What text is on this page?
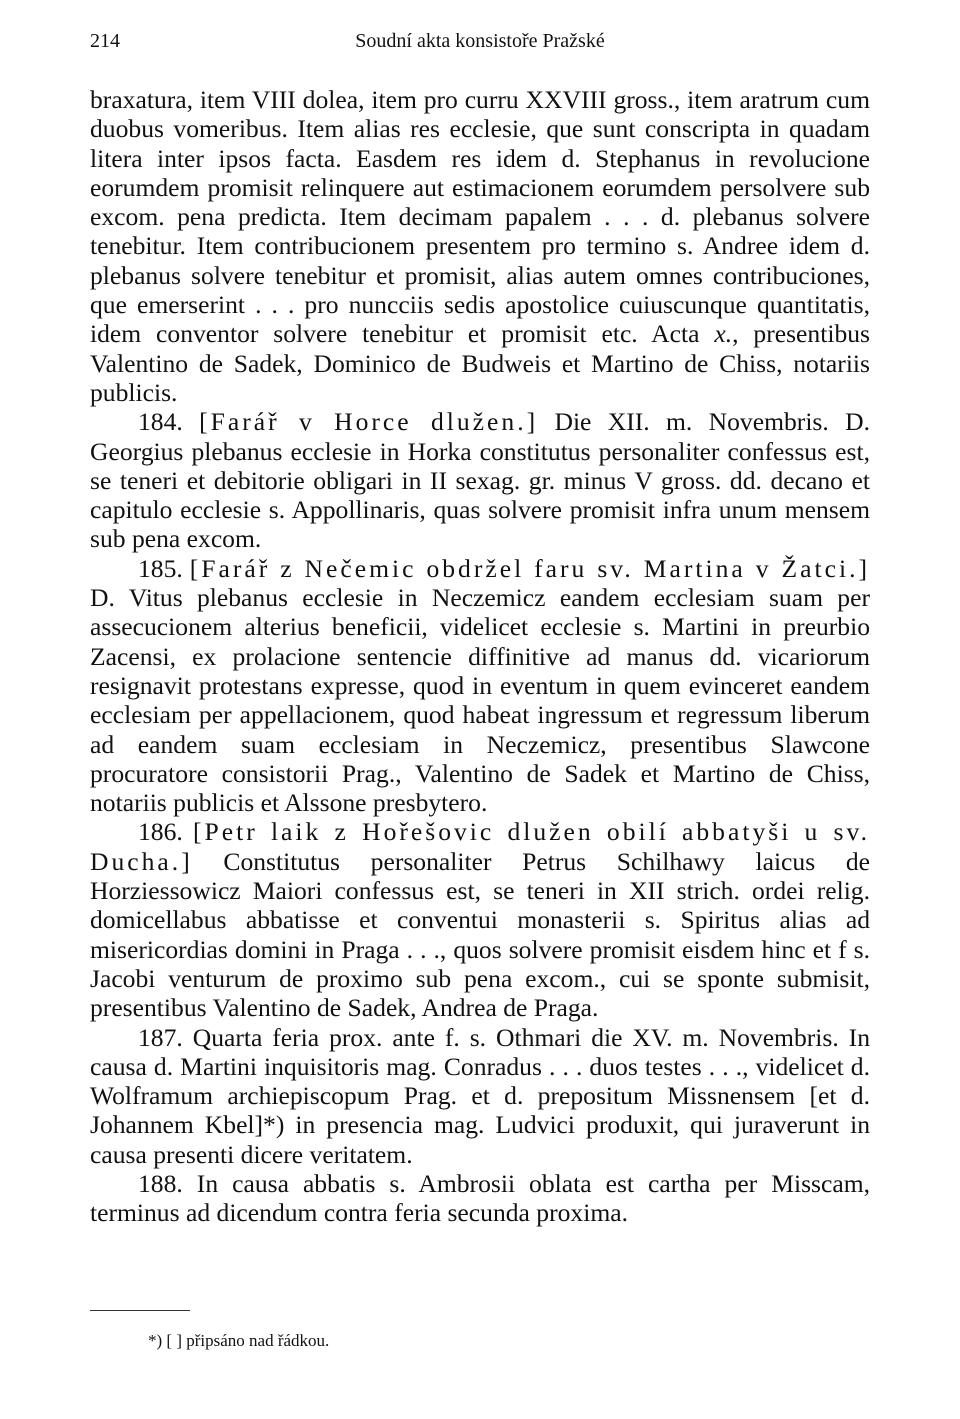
214	Soudní akta konsistoře Pražské

braxatura, item VIII dolea, item pro curru XXVIII gross., item aratrum cum duobus vomeribus. Item alias res ecclesie, que sunt conscripta in quadam litera inter ipsos facta. Easdem res idem d. Stephanus in revolucione eorumdem promisit relinquere aut estimacionem eorumdem persolvere sub excom. pena predicta. Item decimam papalem . . . d. plebanus solvere tenebitur. Item contribucionem presentem pro termino s. Andree idem d. plebanus solvere tenebitur et promisit, alias autem omnes contribuciones, que emerserint . . . pro nuncciis sedis apostolice cuiuscunque quantitatis, idem conventor solvere tenebitur et promisit etc. Acta x., presentibus Valentino de Sadek, Dominico de Budweis et Martino de Chiss, notariis publicis.

184. [Farář v Horce dlužen.] Die XII. m. Novembris. D. Georgius plebanus ecclesie in Horka constitutus personaliter confessus est, se teneri et debitorie obligari in II sexag. gr. minus V gross. dd. decano et capitulo ecclesie s. Appollinaris, quas solvere promisit infra unum mensem sub pena excom.

185. [Farář z Nečemic obdržel faru sv. Martina v Žatci.] D. Vitus plebanus ecclesie in Neczemicz eandem ecclesiam suam per assecucionem alterius beneficii, videlicet ecclesie s. Martini in preurbio Zacensi, ex prolacione sentencie diffinitive ad manus dd. vicariorum resignavit protestans expresse, quod in eventum in quem evinceret eandem ecclesiam per appellacionem, quod habeat ingressum et regressum liberum ad eandem suam ecclesiam in Neczemicz, presentibus Slawcone procuratore consistorii Prag., Valentino de Sadek et Martino de Chiss, notariis publicis et Alssone presbytero.

186. [Petr laik z Hořešovic dlužen obilí abbatyši u sv. Ducha.] Constitutus personaliter Petrus Schilhawy laicus de Horziessowicz Maiori confessus est, se teneri in XII strich. ordei relig. domicellabus abbatisse et conventui monasterii s. Spiritus alias ad misericordias domini in Praga . . ., quos solvere promisit eisdem hinc et f s. Jacobi venturum de proximo sub pena excom., cui se sponte submisit, presentibus Valentino de Sadek, Andrea de Praga.

187. Quarta feria prox. ante f. s. Othmari die XV. m. Novembris. In causa d. Martini inquisitoris mag. Conradus . . . duos testes . . ., videlicet d. Wolframum archiepiscopum Prag. et d. prepositum Missnensem [et d. Johannem Kbel]*) in presencia mag. Ludvici produxit, qui juraverunt in causa presenti dicere veritatem.

188. In causa abbatis s. Ambrosii oblata est cartha per Misscam, terminus ad dicendum contra feria secunda proxima.

*) [ ] připsáno nad řádkou.
